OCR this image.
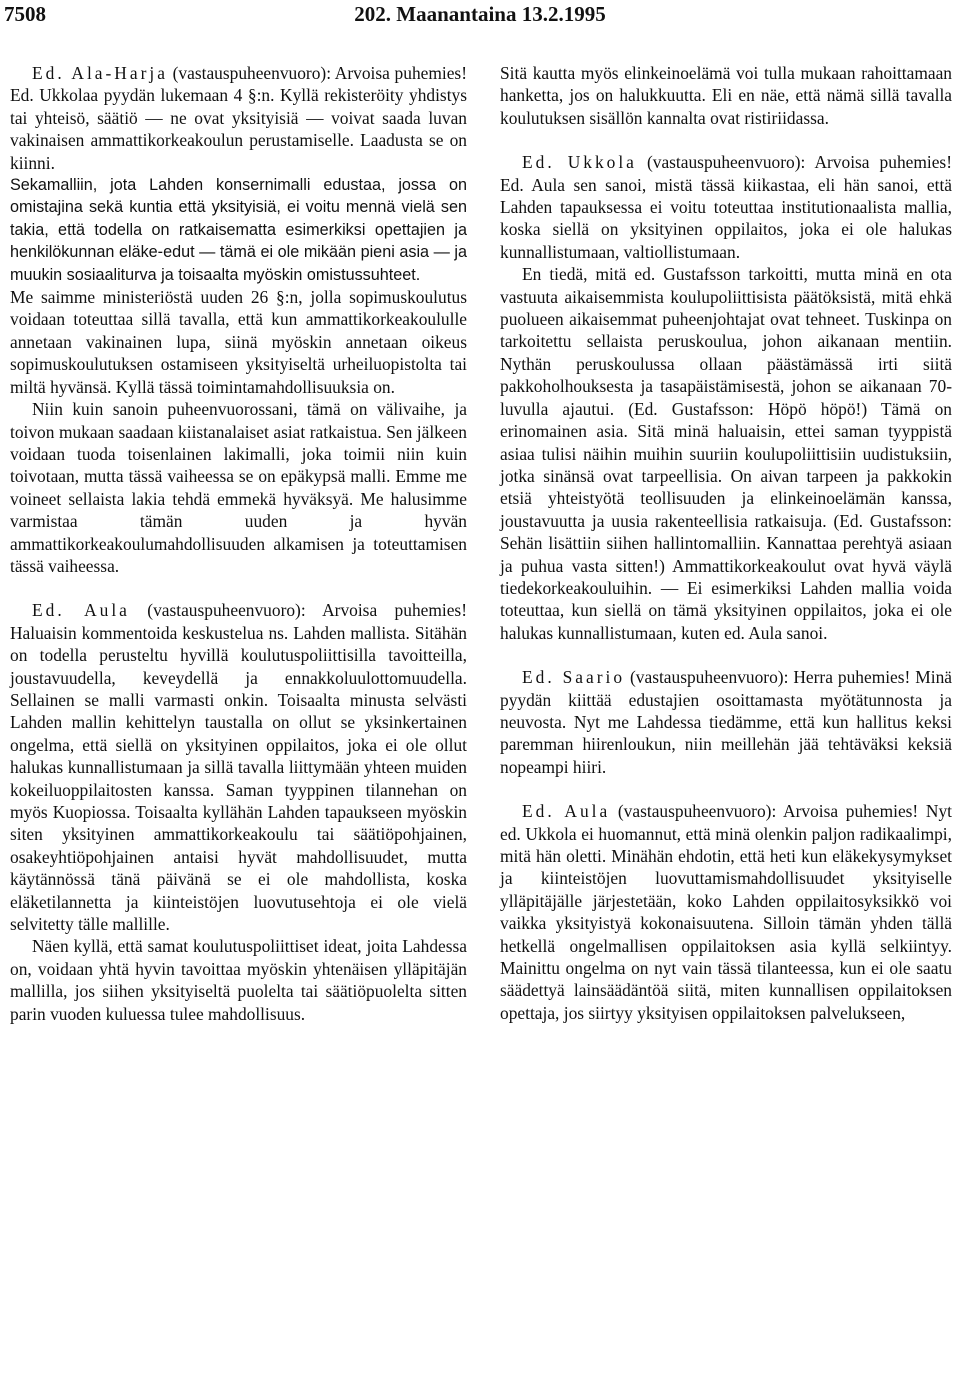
7508	202. Maanantaina 13.2.1995

Ed. Ala-Harja (vastauspuheenvuoro): Arvoisa puhemies! Ed. Ukkolaa pyydän lukemaan 4 §:n. Kyllä rekisteröity yhdistys tai yhteisö, säätiö — ne ovat yksityisiä — voivat saada luvan vakinaisen ammattikorkeakoulun perustamiselle. Laadusta se on kiinni.

Sekamalliin, jota Lahden konsernimalli edustaa, jossa on omistajina sekä kuntia että yksityisiä, ei voitu mennä vielä sen takia, että todella on ratkaisematta esimerkiksi opettajien ja henkilökunnan eläke-edut — tämä ei ole mikään pieni asia — ja muukin sosiaaliturva ja toisaalta myöskin omistussuhteet.

Me saimme ministeriöstä uuden 26 §:n, jolla sopimuskoulutus voidaan toteuttaa sillä tavalla, että kun ammattikorkeakoululle annetaan vakinainen lupa, siinä myöskin annetaan oikeus sopimuskoulutuksen ostamiseen yksityiseltä urheiluopistolta tai miltä hyvänsä. Kyllä tässä toimintamahdollisuuksia on.

Niin kuin sanoin puheenvuorossani, tämä on välivaihe, ja toivon mukaan saadaan kiistanalaiset asiat ratkaistua. Sen jälkeen voidaan tuoda toisenlainen lakimalli, joka toimii niin kuin toivotaan, mutta tässä vaiheessa se on epäkypsä malli. Emme me voineet sellaista lakia tehdä emmekä hyväksyä. Me halusimme varmistaa tämän uuden ja hyvän ammattikorkeakoulumahdollisuuden alkamisen ja toteuttamisen tässä vaiheessa.

Ed. Aula (vastauspuheenvuoro): Arvoisa puhemies! Haluaisin kommentoida keskustelua ns. Lahden mallista. Sitähän on todella perusteltu hyvillä koulutuspoliittisilla tavoitteilla, joustavuudella, keveydellä ja ennakkoluulottomuudella. Sellainen se malli varmasti onkin. Toisaalta minusta selvästi Lahden mallin kehittelyn taustalla on ollut se yksinkertainen ongelma, että siellä on yksityinen oppilaitos, joka ei ole ollut halukas kunnallistumaan ja sillä tavalla liittymään yhteen muiden kokeiluoppilaitosten kanssa. Saman tyyppinen tilannehan on myös Kuopiossa. Toisaalta kyllähän Lahden tapaukseen myöskin siten yksityinen ammattikorkeakoulu tai säätiöpohjainen, osakeyhtiöpohjainen antaisi hyvät mahdollisuudet, mutta käytännössä tänä päivänä se ei ole mahdollista, koska eläketilannetta ja kiinteistöjen luovutusehtoja ei ole vielä selvitetty tälle mallille.

Näen kyllä, että samat koulutuspoliittiset ideat, joita Lahdessa on, voidaan yhtä hyvin tavoittaa myöskin yhtenäisen ylläpitäjän mallilla, jos siihen yksityiseltä puolelta tai säätiöpuolelta sitten parin vuoden kuluessa tulee mahdollisuus.

Sitä kautta myös elinkeinoelämä voi tulla mukaan rahoittamaan hanketta, jos on halukkuutta. Eli en näe, että nämä sillä tavalla koulutuksen sisällön kannalta ovat ristiriidassa.

Ed. Ukkola (vastauspuheenvuoro): Arvoisa puhemies! Ed. Aula sen sanoi, mistä tässä kiikastaa, eli hän sanoi, että Lahden tapauksessa ei voitu toteuttaa institutionaalista mallia, koska siellä on yksityinen oppilaitos, joka ei ole halukas kunnallistumaan, valtiollistumaan.

En tiedä, mitä ed. Gustafsson tarkoitti, mutta minä en ota vastuuta aikaisemmista koulupoliittisista päätöksistä, mitä ehkä puolueen aikaisemmat puheenjohtajat ovat tehneet. Tuskinpa on tarkoitettu sellaista peruskoulua, johon aikanaan mentiin. Nythän peruskoulussa ollaan päästämässä irti siitä pakkoholhouksesta ja tasapäistämisestä, johon se aikanaan 70-luvulla ajautui. (Ed. Gustafsson: Höpö höpö!) Tämä on erinomainen asia. Sitä minä haluaisin, ettei saman tyyppistä asiaa tulisi näihin muihin suuriin koulupoliittisiin uudistuksiin, jotka sinänsä ovat tarpeellisia. On aivan tarpeen ja pakkokin etsiä yhteistyötä teollisuuden ja elinkeinoelämän kanssa, joustavuutta ja uusia rakenteellisia ratkaisuja. (Ed. Gustafsson: Sehän lisättiin siihen hallintomalliin. Kannattaa perehtyä asiaan ja puhua vasta sitten!) Ammattikorkeakoulut ovat hyvä väylä tiedekorkeakouluihin. — Ei esimerkiksi Lahden mallia voida toteuttaa, kun siellä on tämä yksityinen oppilaitos, joka ei ole halukas kunnallistumaan, kuten ed. Aula sanoi.

Ed. Saario (vastauspuheenvuoro): Herra puhemies! Minä pyydän kiittää edustajien osoittamasta myötätunnosta ja neuvosta. Nyt me Lahdessa tiedämme, että kun hallitus keksi paremman hiirenloukun, niin meillehän jää tehtäväksi keksiä nopeampi hiiri.

Ed. Aula (vastauspuheenvuoro): Arvoisa puhemies! Nyt ed. Ukkola ei huomannut, että minä olenkin paljon radikaalimpi, mitä hän oletti. Minähän ehdotin, että heti kun eläkekysymykset ja kiinteistöjen luovuttamismahdollisuudet yksityiselle ylläpitäjälle järjestetään, koko Lahden oppilaitosyksikkö voi vaikka yksityistyä kokonaisuutena. Silloin tämän yhden tällä hetkellä ongelmallisen oppilaitoksen asia kyllä selkiintyy. Mainittu ongelma on nyt vain tässä tilanteessa, kun ei ole saatu säädettyä lainsäädäntöä siitä, miten kunnallisen oppilaitoksen opettaja, jos siirtyy yksityisen oppilaitoksen palvelukseen,
